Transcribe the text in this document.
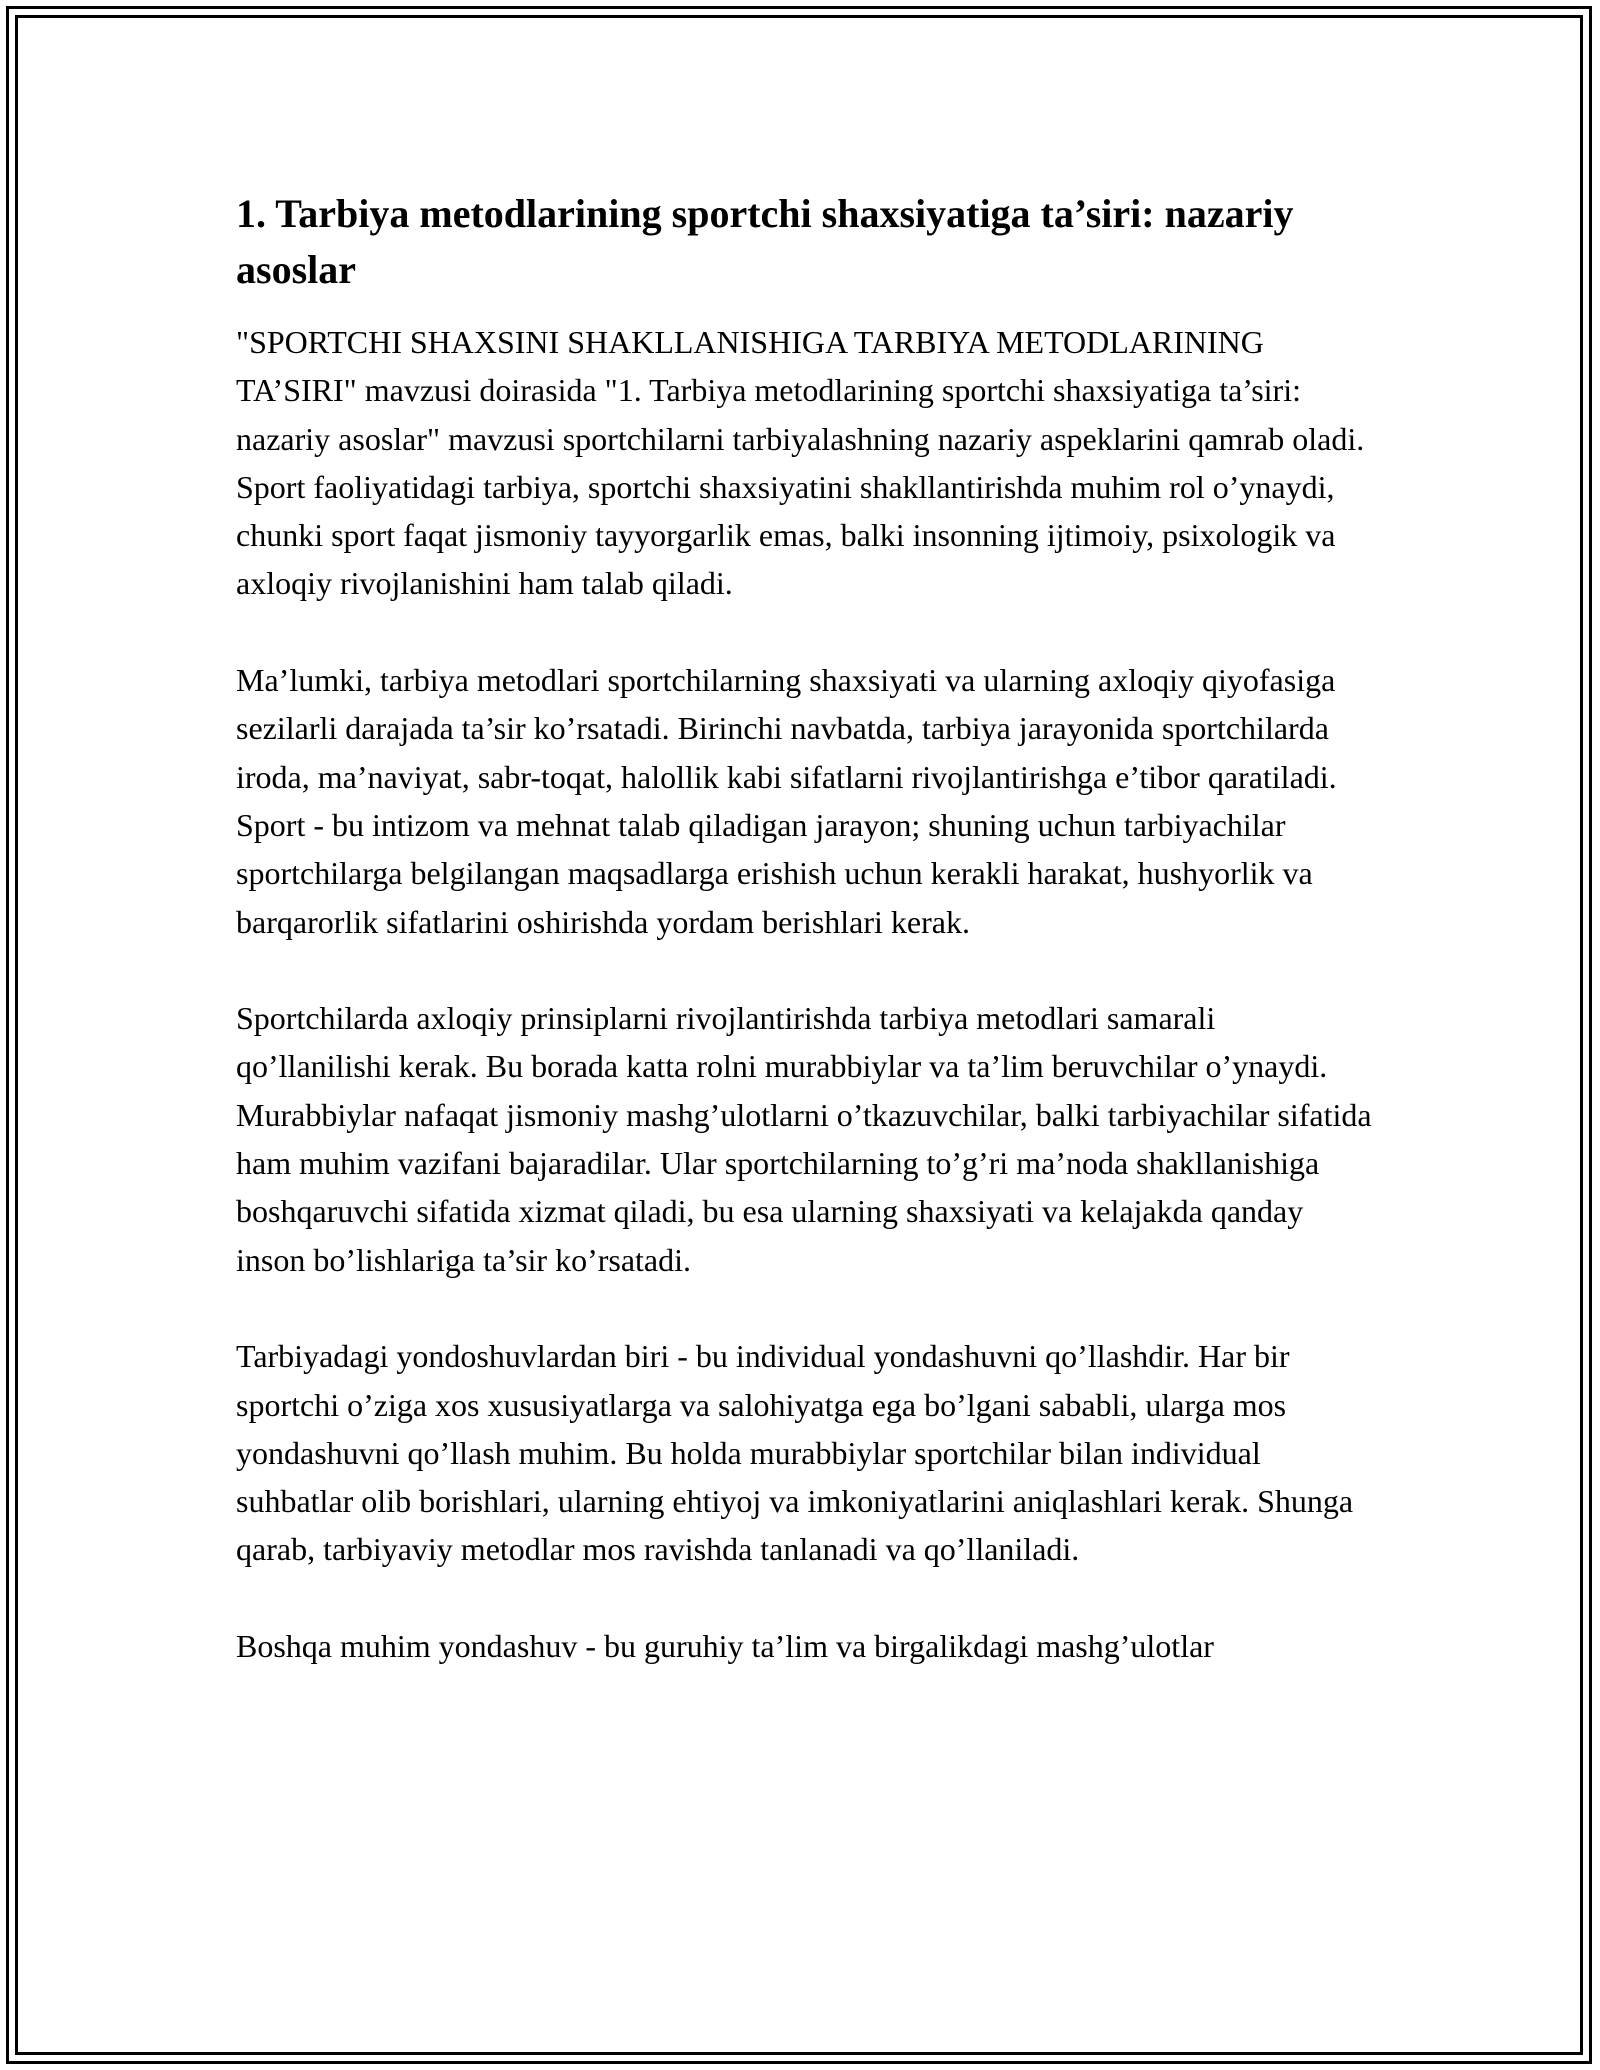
1. Tarbiya metodlarining sportchi shaxsiyatiga ta’siri: nazariy asoslar

"SPORTCHI SHAXSINI SHAKLLANISHIGA TARBIYA METODLARINING TA’SIRI" mavzusi doirasida "1. Tarbiya metodlarining sportchi shaxsiyatiga ta’siri: nazariy asoslar" mavzusi sportchilarni tarbiyalashning nazariy aspeklarini qamrab oladi. Sport faoliyatidagi tarbiya, sportchi shaxsiyatini shakllantirishda muhim rol o’ynaydi, chunki sport faqat jismoniy tayyorgarlik emas, balki insonning ijtimoiy, psixologik va axloqiy rivojlanishini ham talab qiladi.

Ma’lumki, tarbiya metodlari sportchilarning shaxsiyati va ularning axloqiy qiyofasiga sezilarli darajada ta’sir ko’rsatadi. Birinchi navbatda, tarbiya jarayonida sportchilarda iroda, ma’naviyat, sabr-toqat, halollik kabi sifatlarni rivojlantirishga e’tibor qaratiladi. Sport - bu intizom va mehnat talab qiladigan jarayon; shuning uchun tarbiyachilar sportchilarga belgilangan maqsadlarga erishish uchun kerakli harakat, hushyorlik va barqarorlik sifatlarini oshirishda yordam berishlari kerak.

Sportchilarda axloqiy prinsiplarni rivojlantirishda tarbiya metodlari samarali qo’llanilishi kerak. Bu borada katta rolni murabbiylar va ta’lim beruvchilar o’ynaydi. Murabbiylar nafaqat jismoniy mashg’ulotlarni o’tkazuvchilar, balki tarbiyachilar sifatida ham muhim vazifani bajaradilar. Ular sportchilarning to’g’ri ma’noda shakllanishiga boshqaruvchi sifatida xizmat qiladi, bu esa ularning shaxsiyati va kelajakda qanday inson bo’lishlariga ta’sir ko’rsatadi.

Tarbiyadagi yondoshuvlardan biri - bu individual yondashuvni qo’llashdir. Har bir sportchi o’ziga xos xususiyatlarga va salohiyatga ega bo’lgani sababli, ularga mos yondashuvni qo’llash muhim. Bu holda murabbiylar sportchilar bilan individual suhbatlar olib borishlari, ularning ehtiyoj va imkoniyatlarini aniqlashlari kerak. Shunga qarab, tarbiyaviy metodlar mos ravishda tanlanadi va qo’llaniladi.

Boshqa muhim yondashuv - bu guruhiy ta’lim va birgalikdagi mashg’ulotlar
